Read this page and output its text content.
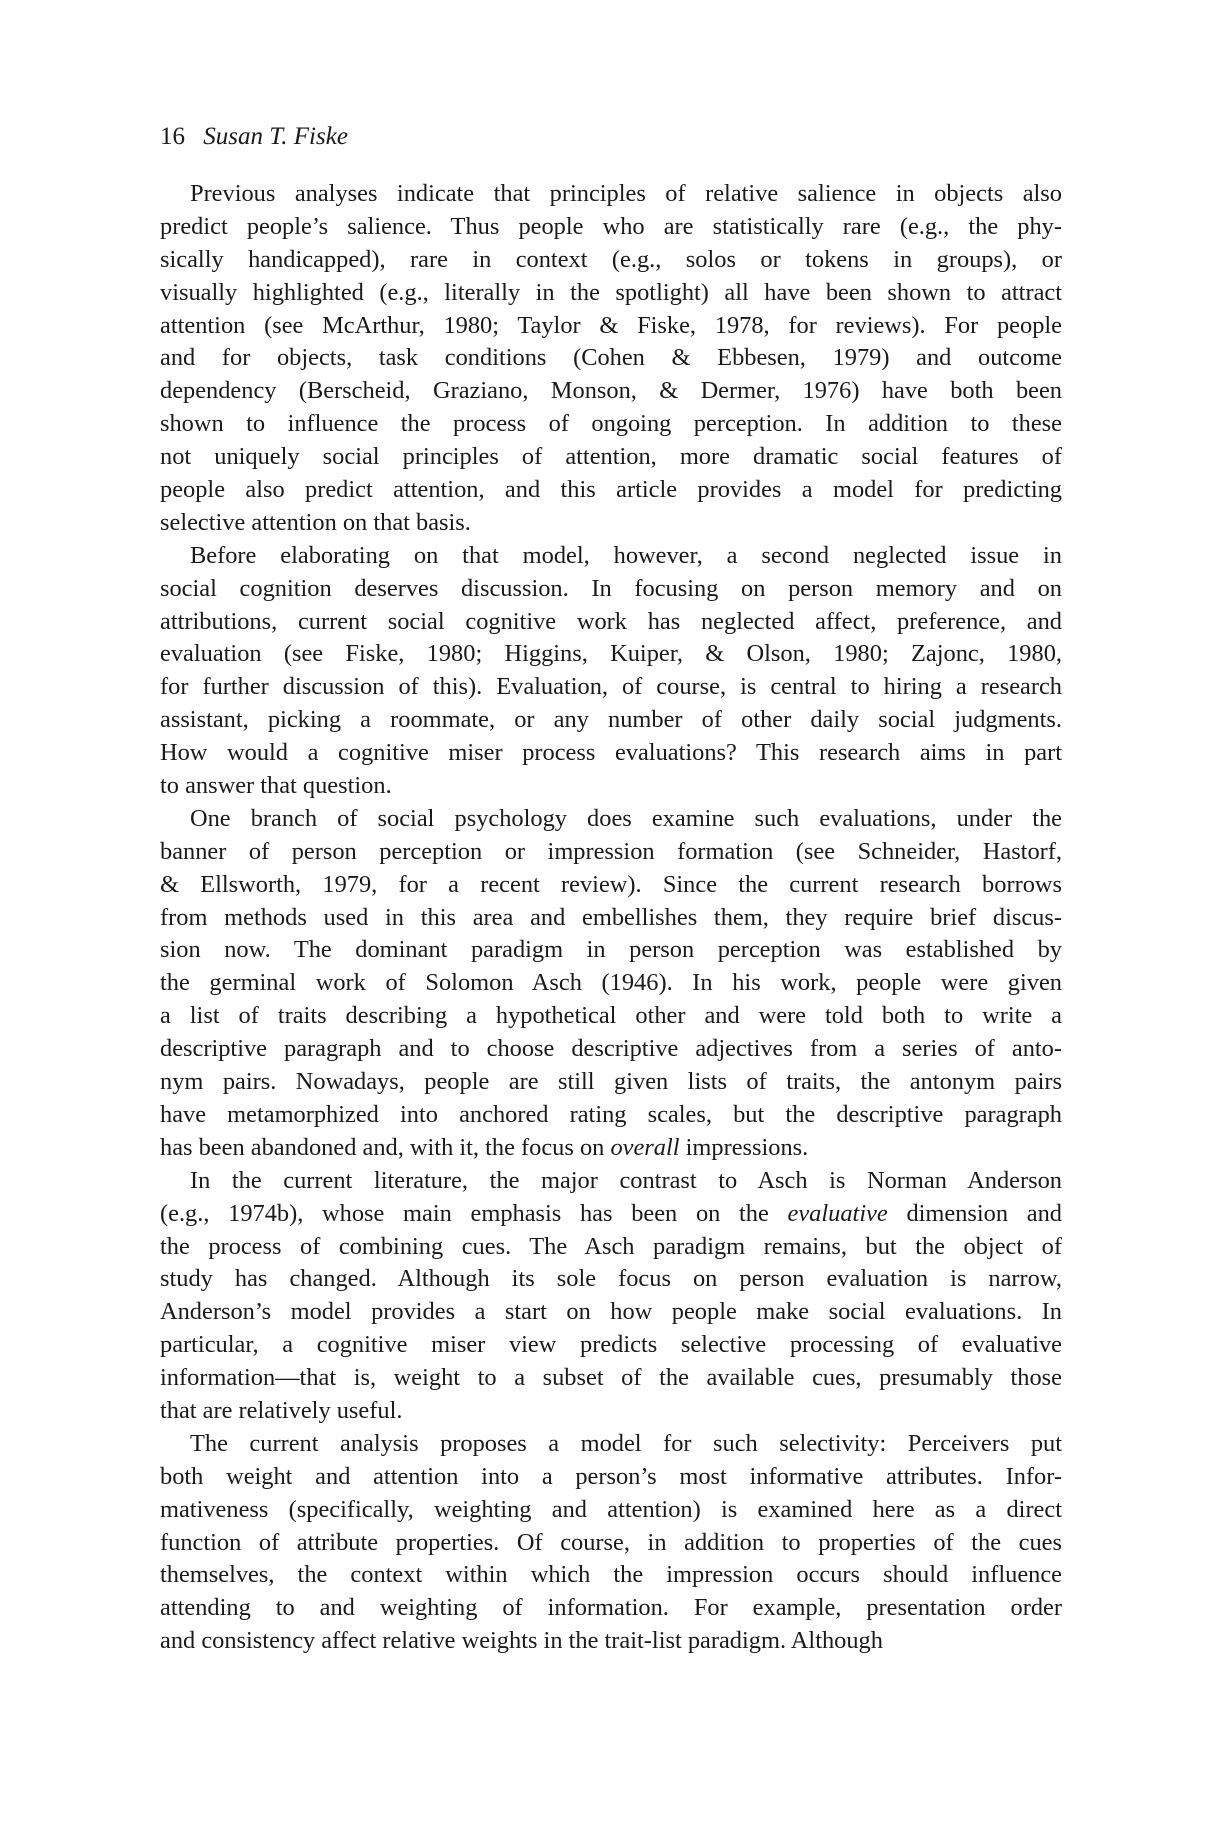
16 Susan T. Fiske
Previous analyses indicate that principles of relative salience in objects also
predict people’s salience. Thus people who are statistically rare (e.g., the phy-
sically handicapped), rare in context (e.g., solos or tokens in groups), or
visually highlighted (e.g., literally in the spotlight) all have been shown to attract
attention (see McArthur, 1980; Taylor & Fiske, 1978, for reviews). For people
and for objects, task conditions (Cohen & Ebbesen, 1979) and outcome
dependency (Berscheid, Graziano, Monson, & Dermer, 1976) have both been
shown to influence the process of ongoing perception. In addition to these
not uniquely social principles of attention, more dramatic social features of
people also predict attention, and this article provides a model for predicting
selective attention on that basis.
Before elaborating on that model, however, a second neglected issue in
social cognition deserves discussion. In focusing on person memory and on
attributions, current social cognitive work has neglected affect, preference, and
evaluation (see Fiske, 1980; Higgins, Kuiper, & Olson, 1980; Zajonc, 1980,
for further discussion of this). Evaluation, of course, is central to hiring a research
assistant, picking a roommate, or any number of other daily social judgments.
How would a cognitive miser process evaluations? This research aims in part
to answer that question.
One branch of social psychology does examine such evaluations, under the
banner of person perception or impression formation (see Schneider, Hastorf,
& Ellsworth, 1979, for a recent review). Since the current research borrows
from methods used in this area and embellishes them, they require brief discus-
sion now. The dominant paradigm in person perception was established by
the germinal work of Solomon Asch (1946). In his work, people were given
a list of traits describing a hypothetical other and were told both to write a
descriptive paragraph and to choose descriptive adjectives from a series of anto-
nym pairs. Nowadays, people are still given lists of traits, the antonym pairs
have metamorphized into anchored rating scales, but the descriptive paragraph
has been abandoned and, with it, the focus on overall impressions.
In the current literature, the major contrast to Asch is Norman Anderson
(e.g., 1974b), whose main emphasis has been on the evaluative dimension and
the process of combining cues. The Asch paradigm remains, but the object of
study has changed. Although its sole focus on person evaluation is narrow,
Anderson’s model provides a start on how people make social evaluations. In
particular, a cognitive miser view predicts selective processing of evaluative
information—that is, weight to a subset of the available cues, presumably those
that are relatively useful.
The current analysis proposes a model for such selectivity: Perceivers put
both weight and attention into a person’s most informative attributes. Infor-
mativeness (specifically, weighting and attention) is examined here as a direct
function of attribute properties. Of course, in addition to properties of the cues
themselves, the context within which the impression occurs should influence
attending to and weighting of information. For example, presentation order
and consistency affect relative weights in the trait-list paradigm. Although
